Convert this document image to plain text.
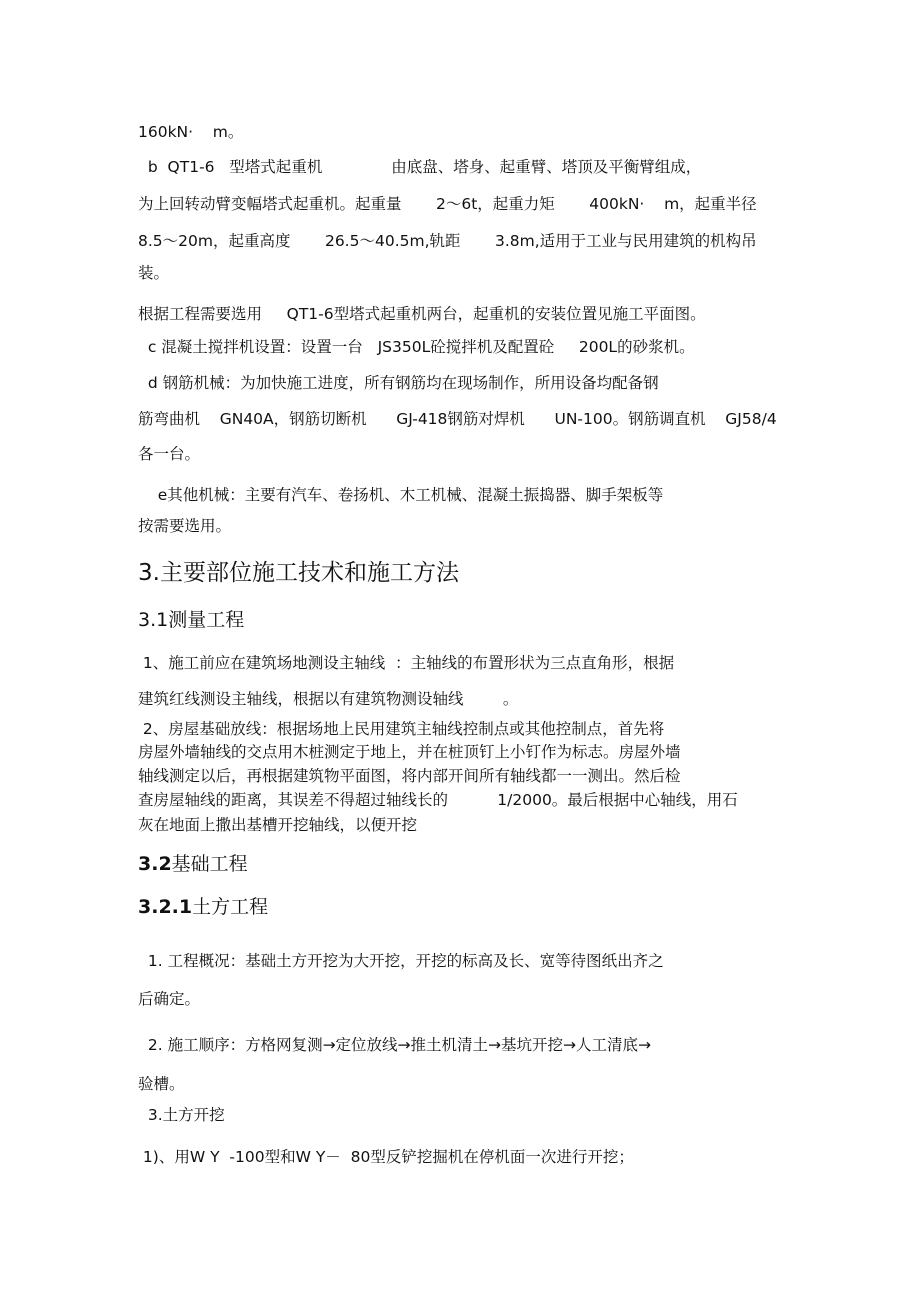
160kN·    m。
b  QT1-6   型塔式起重机              由底盘、塔身、起重臂、塔顶及平衡臂组成，
为上回转动臂变幅塔式起重机。起重量       2～6t，起重力矩       400kN·    m，起重半径
8.5～20m，起重高度       26.5～40.5m,轨距       3.8m,适用于工业与民用建筑的机构吊
装。
根据工程需要选用     QT1-6型塔式起重机两台，起重机的安装位置见施工平面图。
c 混凝土搅拌机设置：设置一台   JS350L砼搅拌机及配置砼     200L的砂浆机。
d 钢筋机械：为加快施工进度，所有钢筋均在现场制作，所用设备均配备钢
筋弯曲机    GN40A，钢筋切断机      GJ-418钢筋对焊机      UN-100。钢筋调直机    GJ58/4
各一台。
e其他机械：主要有汽车、卷扬机、木工机械、混凝土振捣器、脚手架板等
按需要选用。
3.主要部位施工技术和施工方法
3.1测量工程
1、施工前应在建筑场地测设主轴线  ：主轴线的布置形状为三点直角形，根据
建筑红线测设主轴线，根据以有建筑物测设轴线        。
2、房屋基础放线：根据场地上民用建筑主轴线控制点或其他控制点，首先将
房屋外墙轴线的交点用木桩测定于地上，并在桩顶钉上小钉作为标志。房屋外墙
轴线测定以后，再根据建筑物平面图，将内部开间所有轴线都一一测出。然后检
查房屋轴线的距离，其误差不得超过轴线长的          1/2000。最后根据中心轴线，用石
灰在地面上撒出基槽开挖轴线，以便开挖
3.2基础工程
3.2.1土方工程
1. 工程概况：基础土方开挖为大开挖，开挖的标高及长、宽等待图纸出齐之
后确定。
2. 施工顺序：方格网复测→定位放线→推土机清土→基坑开挖→人工清底→
验槽。
3.土方开挖
1)、用W Y  -100型和W Y－  80型反铲挖掘机在停机面一次进行开挖；
